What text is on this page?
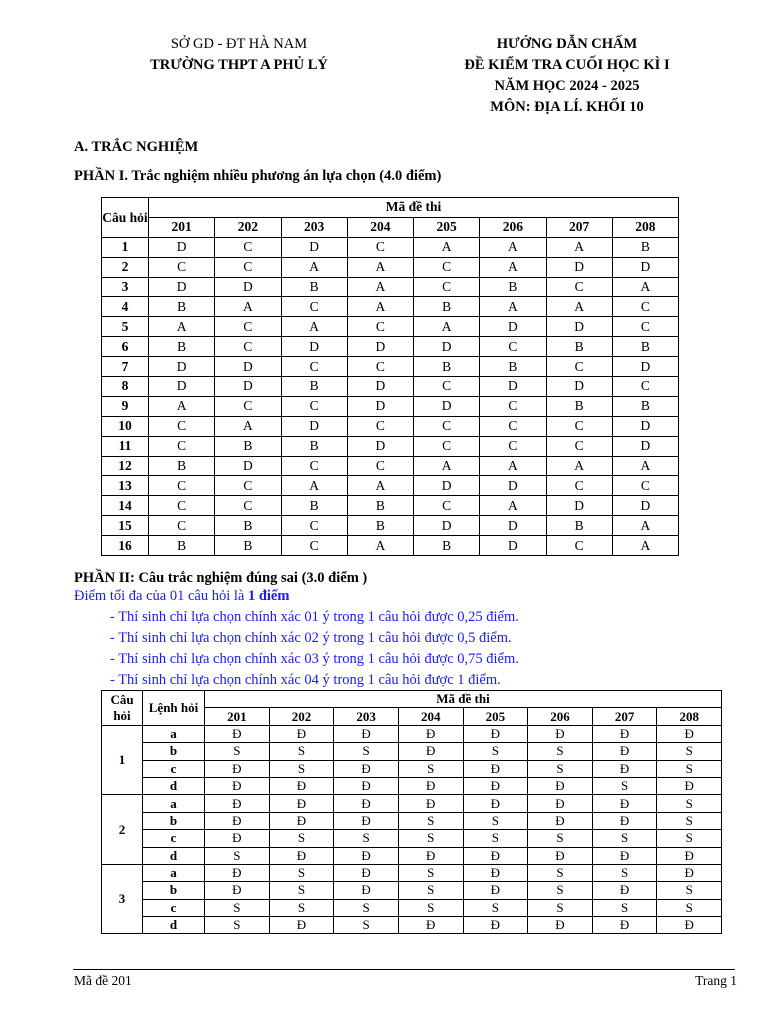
SỞ GD - ĐT HÀ NAM
TRƯỜNG THPT A PHỦ LÝ
HƯỚNG DẪN CHẤM
ĐỀ KIỂM TRA CUỐI HỌC KÌ I
NĂM HỌC 2024 - 2025
MÔN: ĐỊA LÍ. KHỐI 10
A. TRẮC NGHIỆM
PHẦN I. Trắc nghiệm nhiều phương án lựa chọn (4.0 điểm)
Câu hỏi	Mã đề thi							
	201	202	203	204	205	206	207	208
1	D	C	D	C	A	A	A	B
2	C	C	A	A	C	A	D	D
3	D	D	B	A	C	B	C	A
4	B	A	C	A	B	A	A	C
5	A	C	A	C	A	D	D	C
6	B	C	D	D	D	C	B	B
7	D	D	C	C	B	B	C	D
8	D	D	B	D	C	D	D	C
9	A	C	C	D	D	C	B	B
10	C	A	D	C	C	C	C	D
11	C	B	B	D	C	C	C	D
12	B	D	C	C	A	A	A	A
13	C	C	A	A	D	D	C	C
14	C	C	B	B	C	A	D	D
15	C	B	C	B	D	D	B	A
16	B	B	C	A	B	D	C	A
PHẦN II: Câu trắc nghiệm đúng sai (3.0 điểm )
Điểm tối đa của 01 câu hỏi là 1 điểm
- Thí sinh chỉ lựa chọn chính xác 01 ý trong 1 câu hỏi được 0,25 điểm.
- Thí sinh chỉ lựa chọn chính xác 02 ý trong 1 câu hỏi được 0,5 điểm.
- Thí sinh chỉ lựa chọn chính xác 03 ý trong 1 câu hỏi được 0,75 điểm.
- Thí sinh chỉ lựa chọn chính xác 04 ý trong 1 câu hỏi được 1 điểm.
Câu hỏi	Lệnh hỏi	Mã đề thi							
		201	202	203	204	205	206	207	208
1	a	Đ	Đ	Đ	Đ	Đ	Đ	Đ	Đ
	b	S	S	S	Đ	S	S	Đ	S
	c	Đ	S	Đ	S	Đ	S	Đ	S
	d	Đ	Đ	Đ	Đ	Đ	Đ	S	Đ
2	a	Đ	Đ	Đ	Đ	Đ	Đ	Đ	S
	b	Đ	Đ	Đ	S	S	Đ	Đ	S
	c	Đ	S	S	S	S	S	S	S
	d	S	Đ	Đ	Đ	Đ	Đ	Đ	Đ
3	a	Đ	S	Đ	S	Đ	S	S	Đ
	b	Đ	S	Đ	S	Đ	S	Đ	S
	c	S	S	S	S	S	S	S	S
	d	S	Đ	S	Đ	Đ	Đ	Đ	Đ
Mã đề 201	Trang 1
